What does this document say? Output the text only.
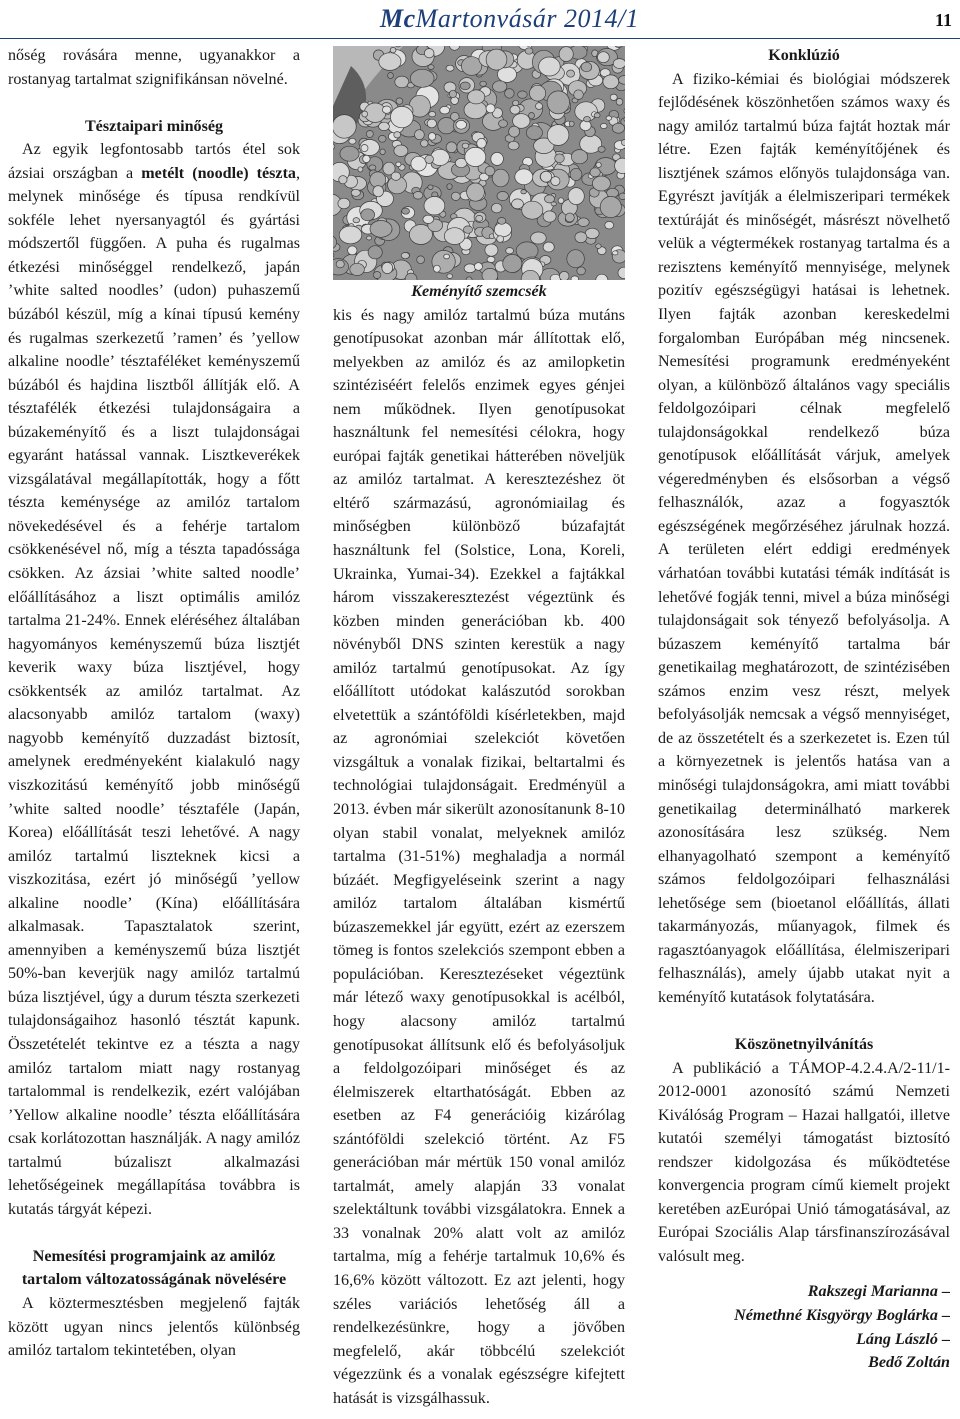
McMartonvásár 2014/1	11

nőség rovására menne, ugyanakkor a rostanyag tartalmat szignifikánsan növelné.

Tésztaipari minőség

Az egyik legfontosabb tartós étel sok ázsiai országban a metélt (noodle) tészta, melynek minősége és típusa rendkívül sokféle lehet nyersanyagtól és gyártási módszertől függően. A puha és rugalmas étkezési minőséggel rendelkező, japán ’white salted noodles’ (udon) puhaszemű búzából készül, míg a kínai típusú kemény és rugalmas szerkezetű ’ramen’ és ’yellow alkaline noodle’ tésztaféléket keményszemű búzából és hajdina lisztből állítják elő. A tésztafélék étkezési tulajdonságaira a búzakeményítő és a liszt tulajdonságai egyaránt hatással vannak. Lisztkeverékek vizsgálatával megállapították, hogy a főtt tészta keménysége az amilóz tartalom növekedésével és a fehérje tartalom csökkenésével nő, míg a tészta tapadóssága csökken. Az ázsiai ’white salted noodle’ előállításához a liszt optimális amilóz tartalma 21-24%. Ennek eléréséhez általában hagyományos keményszemű búza lisztjét keverik waxy búza lisztjével, hogy csökkentsék az amilóz tartalmat. Az alacsonyabb amilóz tartalom (waxy) nagyobb keményítő duzzadást biztosít, amelynek eredményeként kialakuló nagy viszkozitású keményítő jobb minőségű ’white salted noodle’ tésztaféle (Japán, Korea) előállítását teszi lehetővé. A nagy amilóz tartalmú liszteknek kicsi a viszkozitása, ezért jó minőségű ’yellow alkaline noodle’ (Kína) előállítására alkalmasak. Tapasztalatok szerint, amennyiben a keményszemű búza lisztjét 50%-ban keverjük nagy amilóz tartalmú búza lisztjével, úgy a durum tészta szerkezeti tulajdonságaihoz hasonló tésztát kapunk. Összetételét tekintve ez a tészta a nagy amilóz tartalom miatt nagy rostanyag tartalommal is rendelkezik, ezért valójában ’Yellow alkaline noodle’ tészta előállítására csak korlátozottan használják. A nagy amilóz tartalmú búzaliszt alkalmazási lehetőségeinek megállapítása továbbra is kutatás tárgyát képezi.

Nemesítési programjaink az amilóz tartalom változatosságának növelésére

A köztermesztésben megjelenő fajták között ugyan nincs jelentős különbség amilóz tartalom tekintetében, olyan

Keményítő szemcsék

kis és nagy amilóz tartalmú búza mutáns genotípusokat azonban már állítottak elő, melyekben az amilóz és az amilopketin szintéziséért felelős enzimek egyes génjei nem működnek. Ilyen genotípusokat használtunk fel nemesítési célokra, hogy európai fajták genetikai hátterében növeljük az amilóz tartalmat. A keresztezéshez öt eltérő származású, agronómiailag és minőségben különböző búzafajtát használtunk fel (Solstice, Lona, Koreli, Ukrainka, Yumai-34). Ezekkel a fajtákkal három visszakeresztezést végeztünk és közben minden generációban kb. 400 növényből DNS szinten kerestük a nagy amilóz tartalmú genotípusokat. Az így előállított utódokat kalászutód sorokban elvetettük a szántóföldi kísérletekben, majd az agronómiai szelekciót követően vizsgáltuk a vonalak fizikai, beltartalmi és technológiai tulajdonságait. Eredményül a 2013. évben már sikerült azonosítanunk 8-10 olyan stabil vonalat, melyeknek amilóz tartalma (31-51%) meghaladja a normál búzáét. Megfigyeléseink szerint a nagy amilóz tartalom általában kismértű búzaszemekkel jár együtt, ezért az ezerszem tömeg is fontos szelekciós szempont ebben a populációban. Keresztezéseket végeztünk már létező waxy genotípusokkal is acélból, hogy alacsony amilóz tartalmú genotípusokat állítsunk elő és befolyásoljuk a feldolgozóipari minőséget és az élelmiszerek eltarthatóságát. Ebben az esetben az F4 generációig kizárólag szántóföldi szelekció történt. Az F5 generációban már mértük 150 vonal amilóz tartalmát, amely alapján 33 vonalat szelektáltunk további vizsgálatokra. Ennek a 33 vonalnak 20% alatt volt az amilóz tartalma, míg a fehérje tartalmuk 10,6% és 16,6% között változott. Ez azt jelenti, hogy széles variációs lehetőség áll a rendelkezésünkre, hogy a jövőben megfelelő, akár többcélú szelekciót végezzünk és a vonalak egészségre kifejtett hatását is vizsgálhassuk.

Konklúzió

A fiziko-kémiai és biológiai módszerek fejlődésének köszönhetően számos waxy és nagy amilóz tartalmú búza fajtát hoztak már létre. Ezen fajták keményítőjének és lisztjének számos előnyös tulajdonsága van. Egyrészt javítják a élelmiszeripari termékek textúráját és minőségét, másrészt növelhető velük a végtermékek rostanyag tartalma és a rezisztens keményítő mennyisége, melynek pozitív egészségügyi hatásai is lehetnek. Ilyen fajták azonban kereskedelmi forgalomban Európában még nincsenek. Nemesítési programunk eredményeként olyan, a különböző általános vagy speciális feldolgozóipari célnak megfelelő tulajdonságokkal rendelkező búza genotípusok előállítását várjuk, amelyek végeredményben és elsősorban a végső felhasználók, azaz a fogyasztók egészségének megőrzéséhez járulnak hozzá. A területen elért eddigi eredmények várhatóan további kutatási témák indítását is lehetővé fogják tenni, mivel a búza minőségi tulajdonságait sok tényező befolyásolja. A búzaszem keményítő tartalma bár genetikailag meghatározott, de szintézisében számos enzim vesz részt, melyek befolyásolják nemcsak a végső mennyiséget, de az összetételt és a szerkezetet is. Ezen túl a környezetnek is jelentős hatása van a minőségi tulajdonságokra, ami miatt további genetikailag determinálható markerek azonosítására lesz szükség. Nem elhanyagolható szempont a keményítő számos feldolgozóipari felhasználási lehetősége sem (bioetanol előállítás, állati takarmányozás, műanyagok, filmek és ragasztóanyagok előállítása, élelmiszeripari felhasználás), amely újabb utakat nyit a keményítő kutatások folytatására.

Köszönetnyilvánítás

A publikáció a TÁMOP-4.2.4.A/2-11/1-2012-0001 azonosító számú Nemzeti Kiválóság Program – Hazai hallgatói, illetve kutatói személyi támogatást biztosító rendszer kidolgozása és működtetése konvergencia program című kiemelt projekt keretében azEurópai Unió támogatásával, az Európai Szociális Alap társfinanszírozásával valósult meg.

Rakszegi Marianna –

Némethné Kisgyörgy Boglárka –

Láng László –

Bedő Zoltán
